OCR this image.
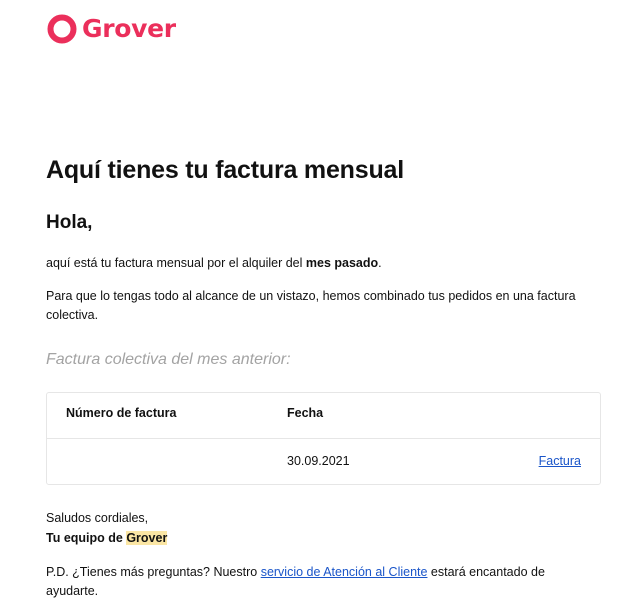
Grover
Aquí tienes tu factura mensual
Hola,

aquí está tu factura mensual por el alquiler del mes pasado.

Para que lo tengas todo al alcance de un vistazo, hemos combinado tus pedidos en una factura colectiva.

Factura colectiva del mes anterior:
Número de factura	Fecha
30.09.2021	Factura
Saludos cordiales,
Tu equipo de Grover

P.D. ¿Tienes más preguntas? Nuestro servicio de Atención al Cliente estará encantado de ayudarte.
